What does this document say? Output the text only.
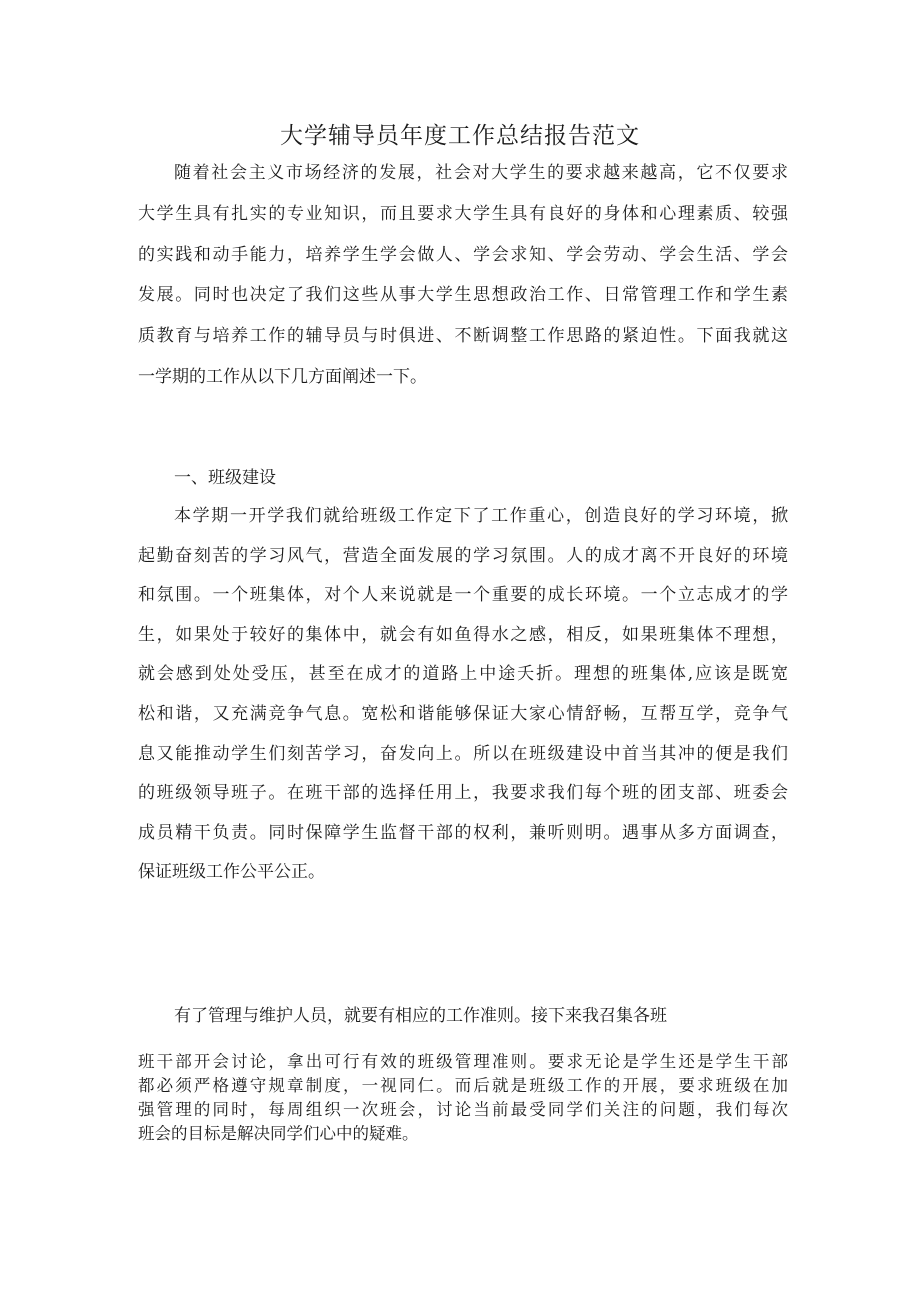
大学辅导员年度工作总结报告范文
随着社会主义市场经济的发展，社会对大学生的要求越来越高，它不仅要求
大学生具有扎实的专业知识，而且要求大学生具有良好的身体和心理素质、较强
的实践和动手能力，培养学生学会做人、学会求知、学会劳动、学会生活、学会
发展。同时也决定了我们这些从事大学生思想政治工作、日常管理工作和学生素
质教育与培养工作的辅导员与时俱进、不断调整工作思路的紧迫性。下面我就这
一学期的工作从以下几方面阐述一下。
一、班级建设
本学期一开学我们就给班级工作定下了工作重心，创造良好的学习环境，掀
起勤奋刻苦的学习风气，营造全面发展的学习氛围。人的成才离不开良好的环境
和氛围。一个班集体，对个人来说就是一个重要的成长环境。一个立志成才的学
生，如果处于较好的集体中，就会有如鱼得水之感，相反，如果班集体不理想，
就会感到处处受压，甚至在成才的道路上中途夭折。理想的班集体,应该是既宽
松和谐，又充满竞争气息。宽松和谐能够保证大家心情舒畅，互帮互学，竞争气
息又能推动学生们刻苦学习，奋发向上。所以在班级建设中首当其冲的便是我们
的班级领导班子。在班干部的选择任用上，我要求我们每个班的团支部、班委会
成员精干负责。同时保障学生监督干部的权利，兼听则明。遇事从多方面调查，
保证班级工作公平公正。
有了管理与维护人员，就要有相应的工作准则。接下来我召集各班
班干部开会讨论，拿出可行有效的班级管理准则。要求无论是学生还是学生干部
都必须严格遵守规章制度，一视同仁。而后就是班级工作的开展，要求班级在加
强管理的同时，每周组织一次班会，讨论当前最受同学们关注的问题，我们每次
班会的目标是解决同学们心中的疑难。
